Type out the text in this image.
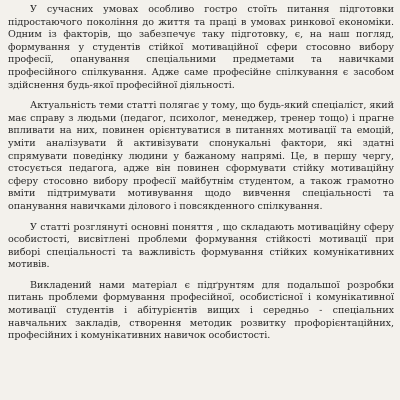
У сучасних умовах особливо гостро стоїть питання підготовки підростаючого покоління до життя та праці в умовах ринкової економіки. Одним із факторів, що забезпечує таку підготовку, є, на наш погляд, формування у студентів стійкої мотиваційної сфери стосовно вибору професії, опанування спеціальними предметами та навичками професійного спілкування. Адже саме професійне спілкування є засобом здійснення будь-якої професійної діяльності.

Актуальність теми статті полягає у тому, що будь-який спеціаліст, який має справу з людьми (педагог, психолог, менеджер, тренер тощо) і прагне впливати на них, повинен орієнтуватися в питаннях мотивації та емоцій, уміти аналізувати й активізувати спонукальні фактори, які здатні спрямувати поведінку людини у бажаному напрямі. Це, в першу чергу, стосується педагога, адже він повинен сформувати стійку мотиваційну сферу стосовно вибору професії майбутнім студентом, а також грамотно вміти підтримувати мотивування щодо вивчення спеціальності та опанування навичками ділового і повсякденного спілкування.

У статті розглянуті основні поняття , що складають мотиваційну сферу особистості, висвітлені проблеми формування стійкості мотивації при виборі спеціальності та важливість формування стійких комунікативних мотивів.

Викладений нами матеріал є підґрунтям для подальшої розробки питань проблеми формування професійної, особистісної і комунікативної мотивації студентів і абітурієнтів вищих і середньо - спеціальних навчальних закладів, створення методик розвитку профорієнтаційних, професійних і комунікативних навичок особистості.
